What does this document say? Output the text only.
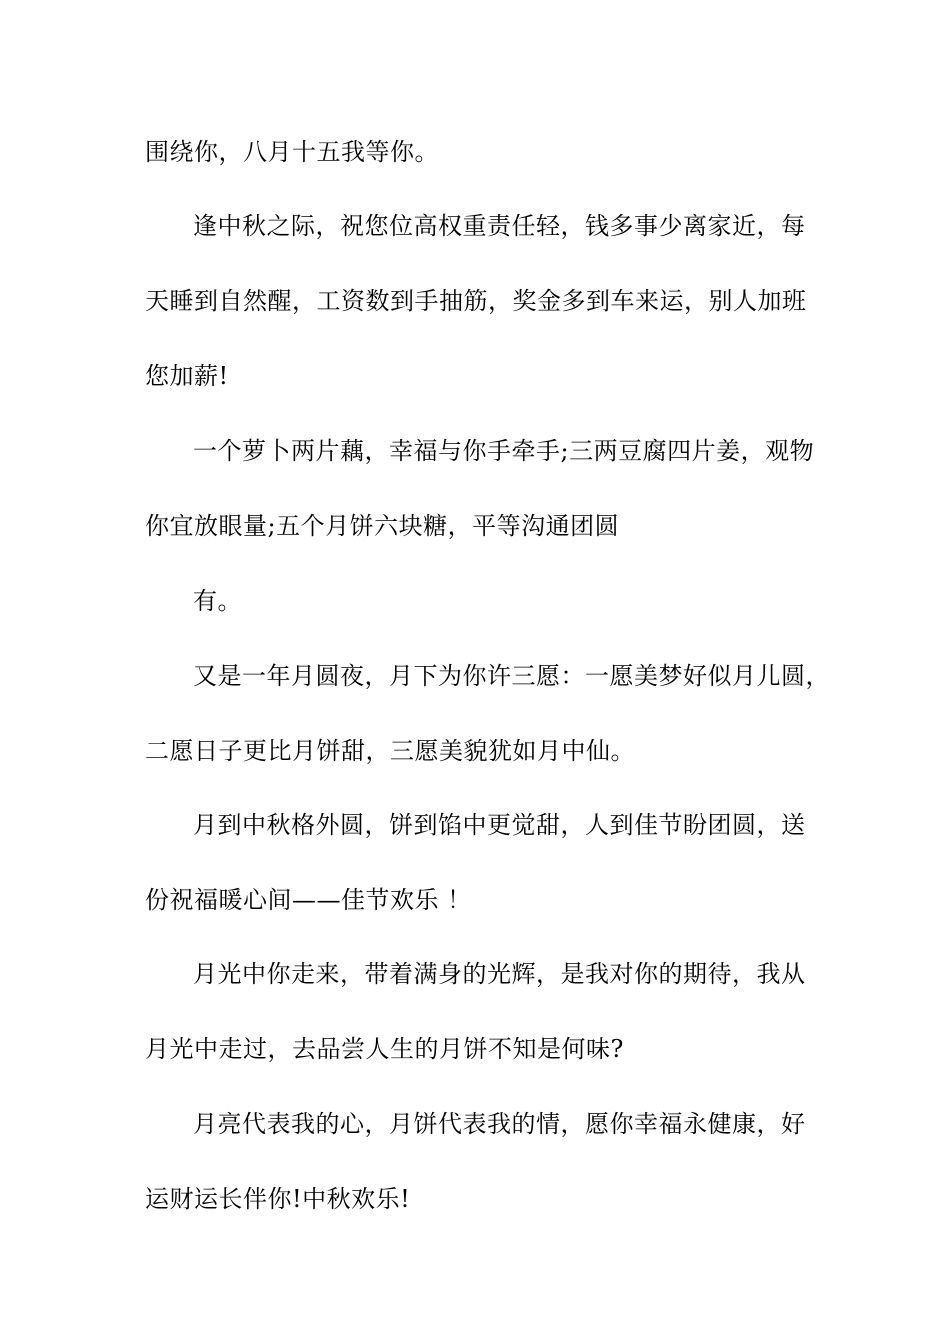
围绕你，八月十五我等你。
逢中秋之际，祝您位高权重责任轻，钱多事少离家近，每
天睡到自然醒，工资数到手抽筋，奖金多到车来运，别人加班
您加薪!
一个萝卜两片藕，幸福与你手牵手;三两豆腐四片姜，观物
你宜放眼量;五个月饼六块糖，平等沟通团圆
有。
又是一年月圆夜，月下为你许三愿：一愿美梦好似月儿圆，
二愿日子更比月饼甜，三愿美貌犹如月中仙。
月到中秋格外圆，饼到馅中更觉甜，人到佳节盼团圆，送
份祝福暖心间——佳节欢乐 ！
月光中你走来，带着满身的光辉，是我对你的期待，我从
月光中走过，去品尝人生的月饼不知是何味?
月亮代表我的心，月饼代表我的情，愿你幸福永健康，好
运财运长伴你!中秋欢乐!
